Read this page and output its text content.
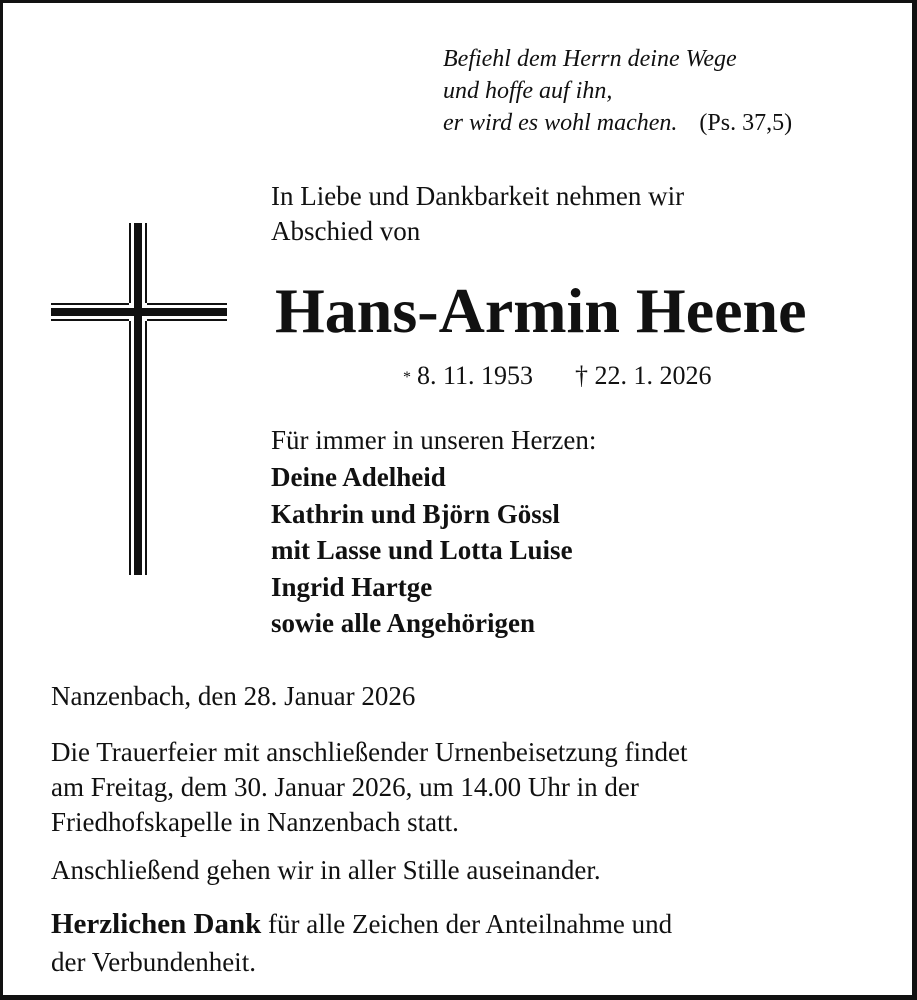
Befiehl dem Herrn deine Wege
und hoffe auf ihn,
er wird es wohl machen. (Ps. 37,5)
In Liebe und Dankbarkeit nehmen wir
Abschied von
Hans-Armin Heene
* 8. 11. 1953 † 22. 1. 2026
Für immer in unseren Herzen:
Deine Adelheid
Kathrin und Björn Gössl
mit Lasse und Lotta Luise
Ingrid Hartge
sowie alle Angehörigen
Nanzenbach, den 28. Januar 2026
Die Trauerfeier mit anschließender Urnenbeisetzung findet
am Freitag, dem 30. Januar 2026, um 14.00 Uhr in der
Friedhofskapelle in Nanzenbach statt.
Anschließend gehen wir in aller Stille auseinander.
Herzlichen Dank für alle Zeichen der Anteilnahme und
der Verbundenheit.
